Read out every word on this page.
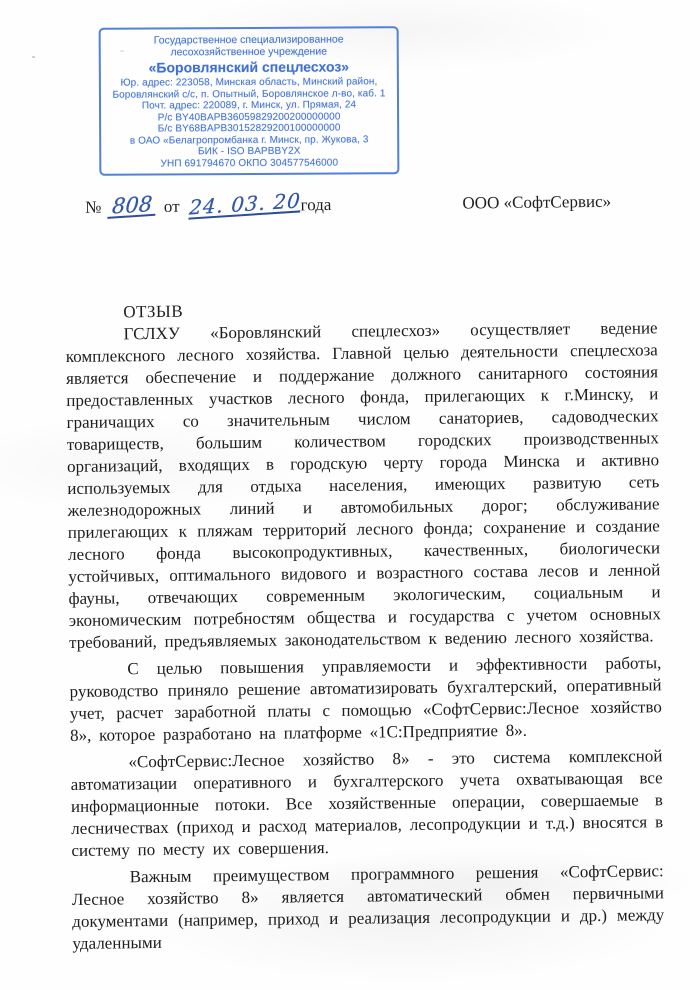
Государственное специализированное
лесохозяйственное учреждение
«Боровлянский спецлесхоз»
Юр. адрес: 223058, Минская область, Минский район,
Боровлянский с/с, п. Опытный, Боровлянское л-во, каб. 1
Почт. адрес: 220089, г. Минск, ул. Прямая, 24
Р/с BY40BAPB36059829200200000000
Б/с BY68BAPB30152829200100000000
в ОАО «Белагропромбанка г. Минск, пр. Жукова, 3
БИК - ISO BAPBBY2X
УНП 691794670 ОКПО 304577546000
№ 808 от 24. 03. 20года	ООО «СофтСервис»
ОТЗЫВ

ГСЛХУ «Боровлянский спецлесхоз» осуществляет ведение комплексного лесного хозяйства. Главной целью деятельности спецлесхоза является обеспечение и поддержание должного санитарного состояния предоставленных участков лесного фонда, прилегающих к г.Минску, и граничащих со значительным числом санаториев, садоводческих товариществ, большим количеством городских производственных организаций, входящих в городскую черту города Минска и активно используемых для отдыха населения, имеющих развитую сеть железнодорожных линий и автомобильных дорог; обслуживание прилегающих к пляжам территорий лесного фонда; сохранение и создание лесного фонда высокопродуктивных, качественных, биологически устойчивых, оптимального видового и возрастного состава лесов и ленной фауны, отвечающих современным экологическим, социальным и экономическим потребностям общества и государства с учетом основных требований, предъявляемых законодательством к ведению лесного хозяйства.

С целью повышения управляемости и эффективности работы, руководство приняло решение автоматизировать бухгалтерский, оперативный учет, расчет заработной платы с помощью «СофтСервис:Лесное хозяйство 8», которое разработано на платформе «1С:Предприятие 8».

«СофтСервис:Лесное хозяйство 8» - это система комплексной автоматизации оперативного и бухгалтерского учета охватывающая все информационные потоки. Все хозяйственные операции, совершаемые в лесничествах (приход и расход материалов, лесопродукции и т.д.) вносятся в систему по месту их совершения.

Важным преимуществом программного решения «СофтСервис: Лесное хозяйство 8» является автоматический обмен первичными документами (например, приход и реализация лесопродукции и др.) между удаленными
